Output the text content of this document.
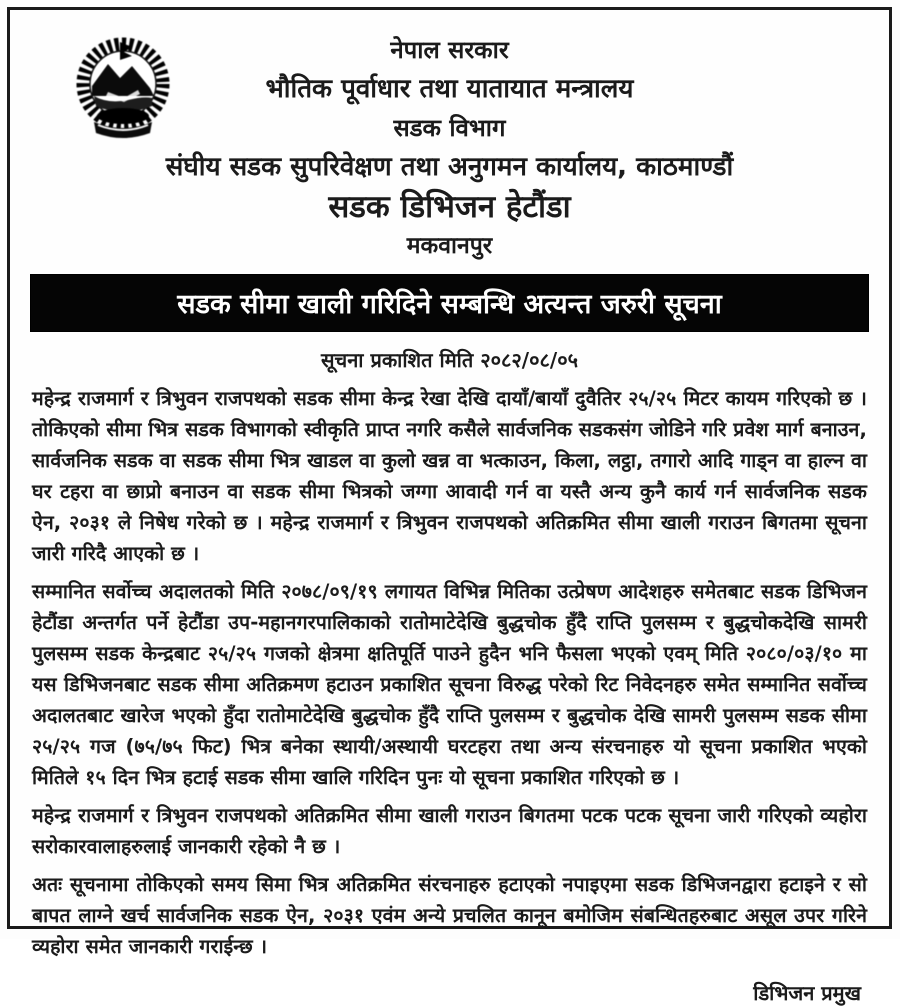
नेपाल सरकार
भौतिक पूर्वाधार तथा यातायात मन्त्रालय
सडक विभाग
संघीय सडक सुपरिवेक्षण तथा अनुगमन कार्यालय, काठमाण्डौं
सडक डिभिजन हेटौंडा
मकवानपुर
सडक सीमा खाली गरिदिने सम्बन्धि अत्यन्त जरुरी सूचना
सूचना प्रकाशित मिति २०८२/०८/०५

महेन्द्र राजमार्ग र त्रिभुवन राजपथको सडक सीमा केन्द्र रेखा देखि दायाँ/बायाँ दुवैतिर २५/२५ मिटर कायम गरिएको छ । तोकिएको सीमा भित्र सडक विभागको स्वीकृति प्राप्त नगरि कसैले सार्वजनिक सडकसंग जोडिने गरि प्रवेश मार्ग बनाउन, सार्वजनिक सडक वा सडक सीमा भित्र खाडल वा कुलो खन्न वा भत्काउन, किला, लट्ठा, तगारो आदि गाड्न वा हाल्न वा घर टहरा वा छाप्रो बनाउन वा सडक सीमा भित्रको जग्गा आवादी गर्न वा यस्तै अन्य कुनै कार्य गर्न सार्वजनिक सडक ऐन, २०३१ ले निषेध गरेको छ । महेन्द्र राजमार्ग र त्रिभुवन राजपथको अतिक्रमित सीमा खाली गराउन बिगतमा सूचना जारी गरिदै आएको छ ।

सम्मानित सर्वोच्च अदालतको मिति २०७८/०९/१९ लगायत विभिन्न मितिका उत्प्रेषण आदेशहरु समेतबाट सडक डिभिजन हेटौंडा अन्तर्गत पर्ने हेटौंडा उप-महानगरपालिकाको रातोमाटेदेखि बुद्धचोक हुँदै राप्ति पुलसम्म र बुद्धचोकदेखि सामरी पुलसम्म सडक केन्द्रबाट २५/२५ गजको क्षेत्रमा क्षतिपूर्ति पाउने हुदैन भनि फैसला भएको एवम् मिति २०८०/०३/१० मा यस डिभिजनबाट सडक सीमा अतिक्रमण हटाउन प्रकाशित सूचना विरुद्ध परेको रिट निवेदनहरु समेत सम्मानित सर्वोच्च अदालतबाट खारेज भएको हुँदा रातोमाटेदेखि बुद्धचोक हुँदै राप्ति पुलसम्म र बुद्धचोक देखि सामरी पुलसम्म सडक सीमा २५/२५ गज (७५/७५ फिट) भित्र बनेका स्थायी/अस्थायी घरटहरा तथा अन्य संरचनाहरु यो सूचना प्रकाशित भएको मितिले १५ दिन भित्र हटाई सडक सीमा खालि गरिदिन पुनः यो सूचना प्रकाशित गरिएको छ ।

महेन्द्र राजमार्ग र त्रिभुवन राजपथको अतिक्रमित सीमा खाली गराउन बिगतमा पटक पटक सूचना जारी गरिएको व्यहोरा सरोकारवालाहरुलाई जानकारी रहेको नै छ ।

अतः सूचनामा तोकिएको समय सिमा भित्र अतिक्रमित संरचनाहरु हटाएको नपाइएमा सडक डिभिजनद्वारा हटाइने र सो बापत लाग्ने खर्च सार्वजनिक सडक ऐन, २०३१ एवंम अन्ये प्रचलित कानून बमोजिम संबन्धितहरुबाट असूल उपर गरिने व्यहोरा समेत जानकारी गराईन्छ ।

डिभिजन प्रमुख
